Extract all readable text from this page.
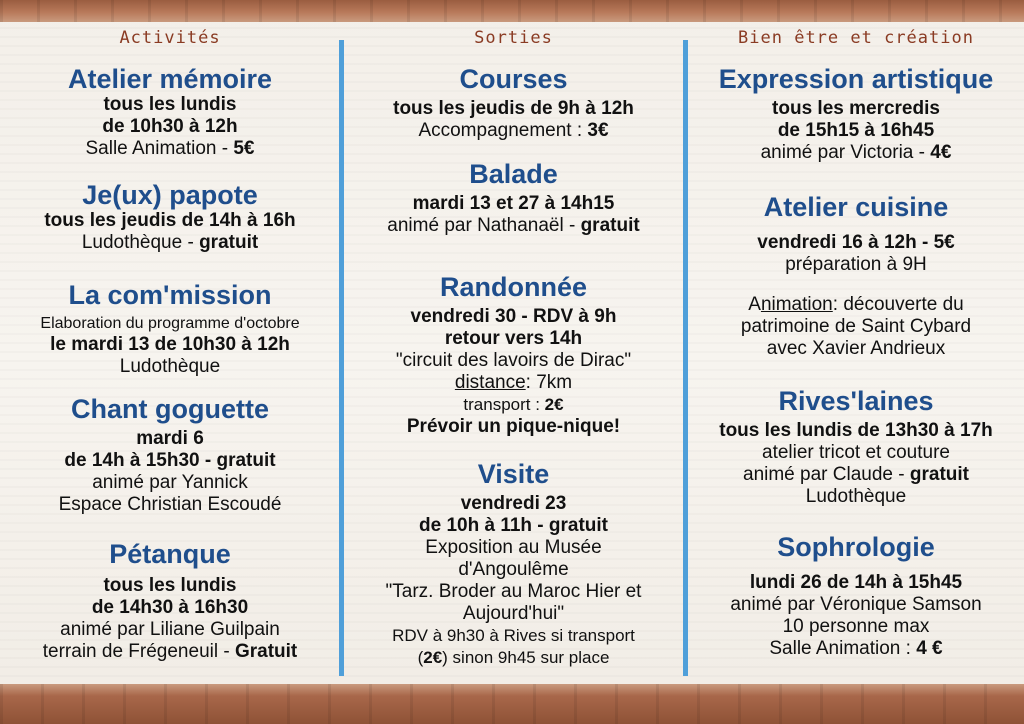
Activités
Atelier mémoire
tous les lundis
de 10h30 à 12h
Salle Animation - 5€
Je(ux) papote
tous les jeudis de 14h à 16h
Ludothèque - gratuit
La com'mission
Elaboration du programme d'octobre
le mardi 13 de 10h30 à 12h
Ludothèque
Chant goguette
mardi 6
de 14h à 15h30 - gratuit
animé par Yannick
Espace Christian Escoudé
Pétanque
tous les lundis
de 14h30 à 16h30
animé par Liliane Guilpain
terrain de Frégeneuil - Gratuit
Sorties
Courses
tous les jeudis de 9h à 12h
Accompagnement : 3€
Balade
mardi 13 et 27 à 14h15
animé par Nathanaël - gratuit
Randonnée
vendredi 30 - RDV à 9h
retour vers 14h
"circuit des lavoirs de Dirac"
distance: 7km
transport : 2€
Prévoir un pique-nique!
Visite
vendredi 23
de 10h à 11h - gratuit
Exposition au Musée
d'Angoulême
"Tarz. Broder au Maroc Hier et
Aujourd'hui"
RDV à 9h30 à Rives si transport
(2€) sinon 9h45 sur place
Bien être et création
Expression artistique
tous les mercredis
de 15h15 à 16h45
animé par Victoria - 4€
Atelier cuisine
vendredi 16 à 12h - 5€
préparation à 9H
Animation: découverte du
patrimoine de Saint Cybard
avec Xavier Andrieux
Rives'laines
tous les lundis de 13h30 à 17h
atelier tricot et couture
animé par Claude - gratuit
Ludothèque
Sophrologie
lundi 26 de 14h à 15h45
animé par Véronique Samson
10 personne max
Salle Animation : 4 €
